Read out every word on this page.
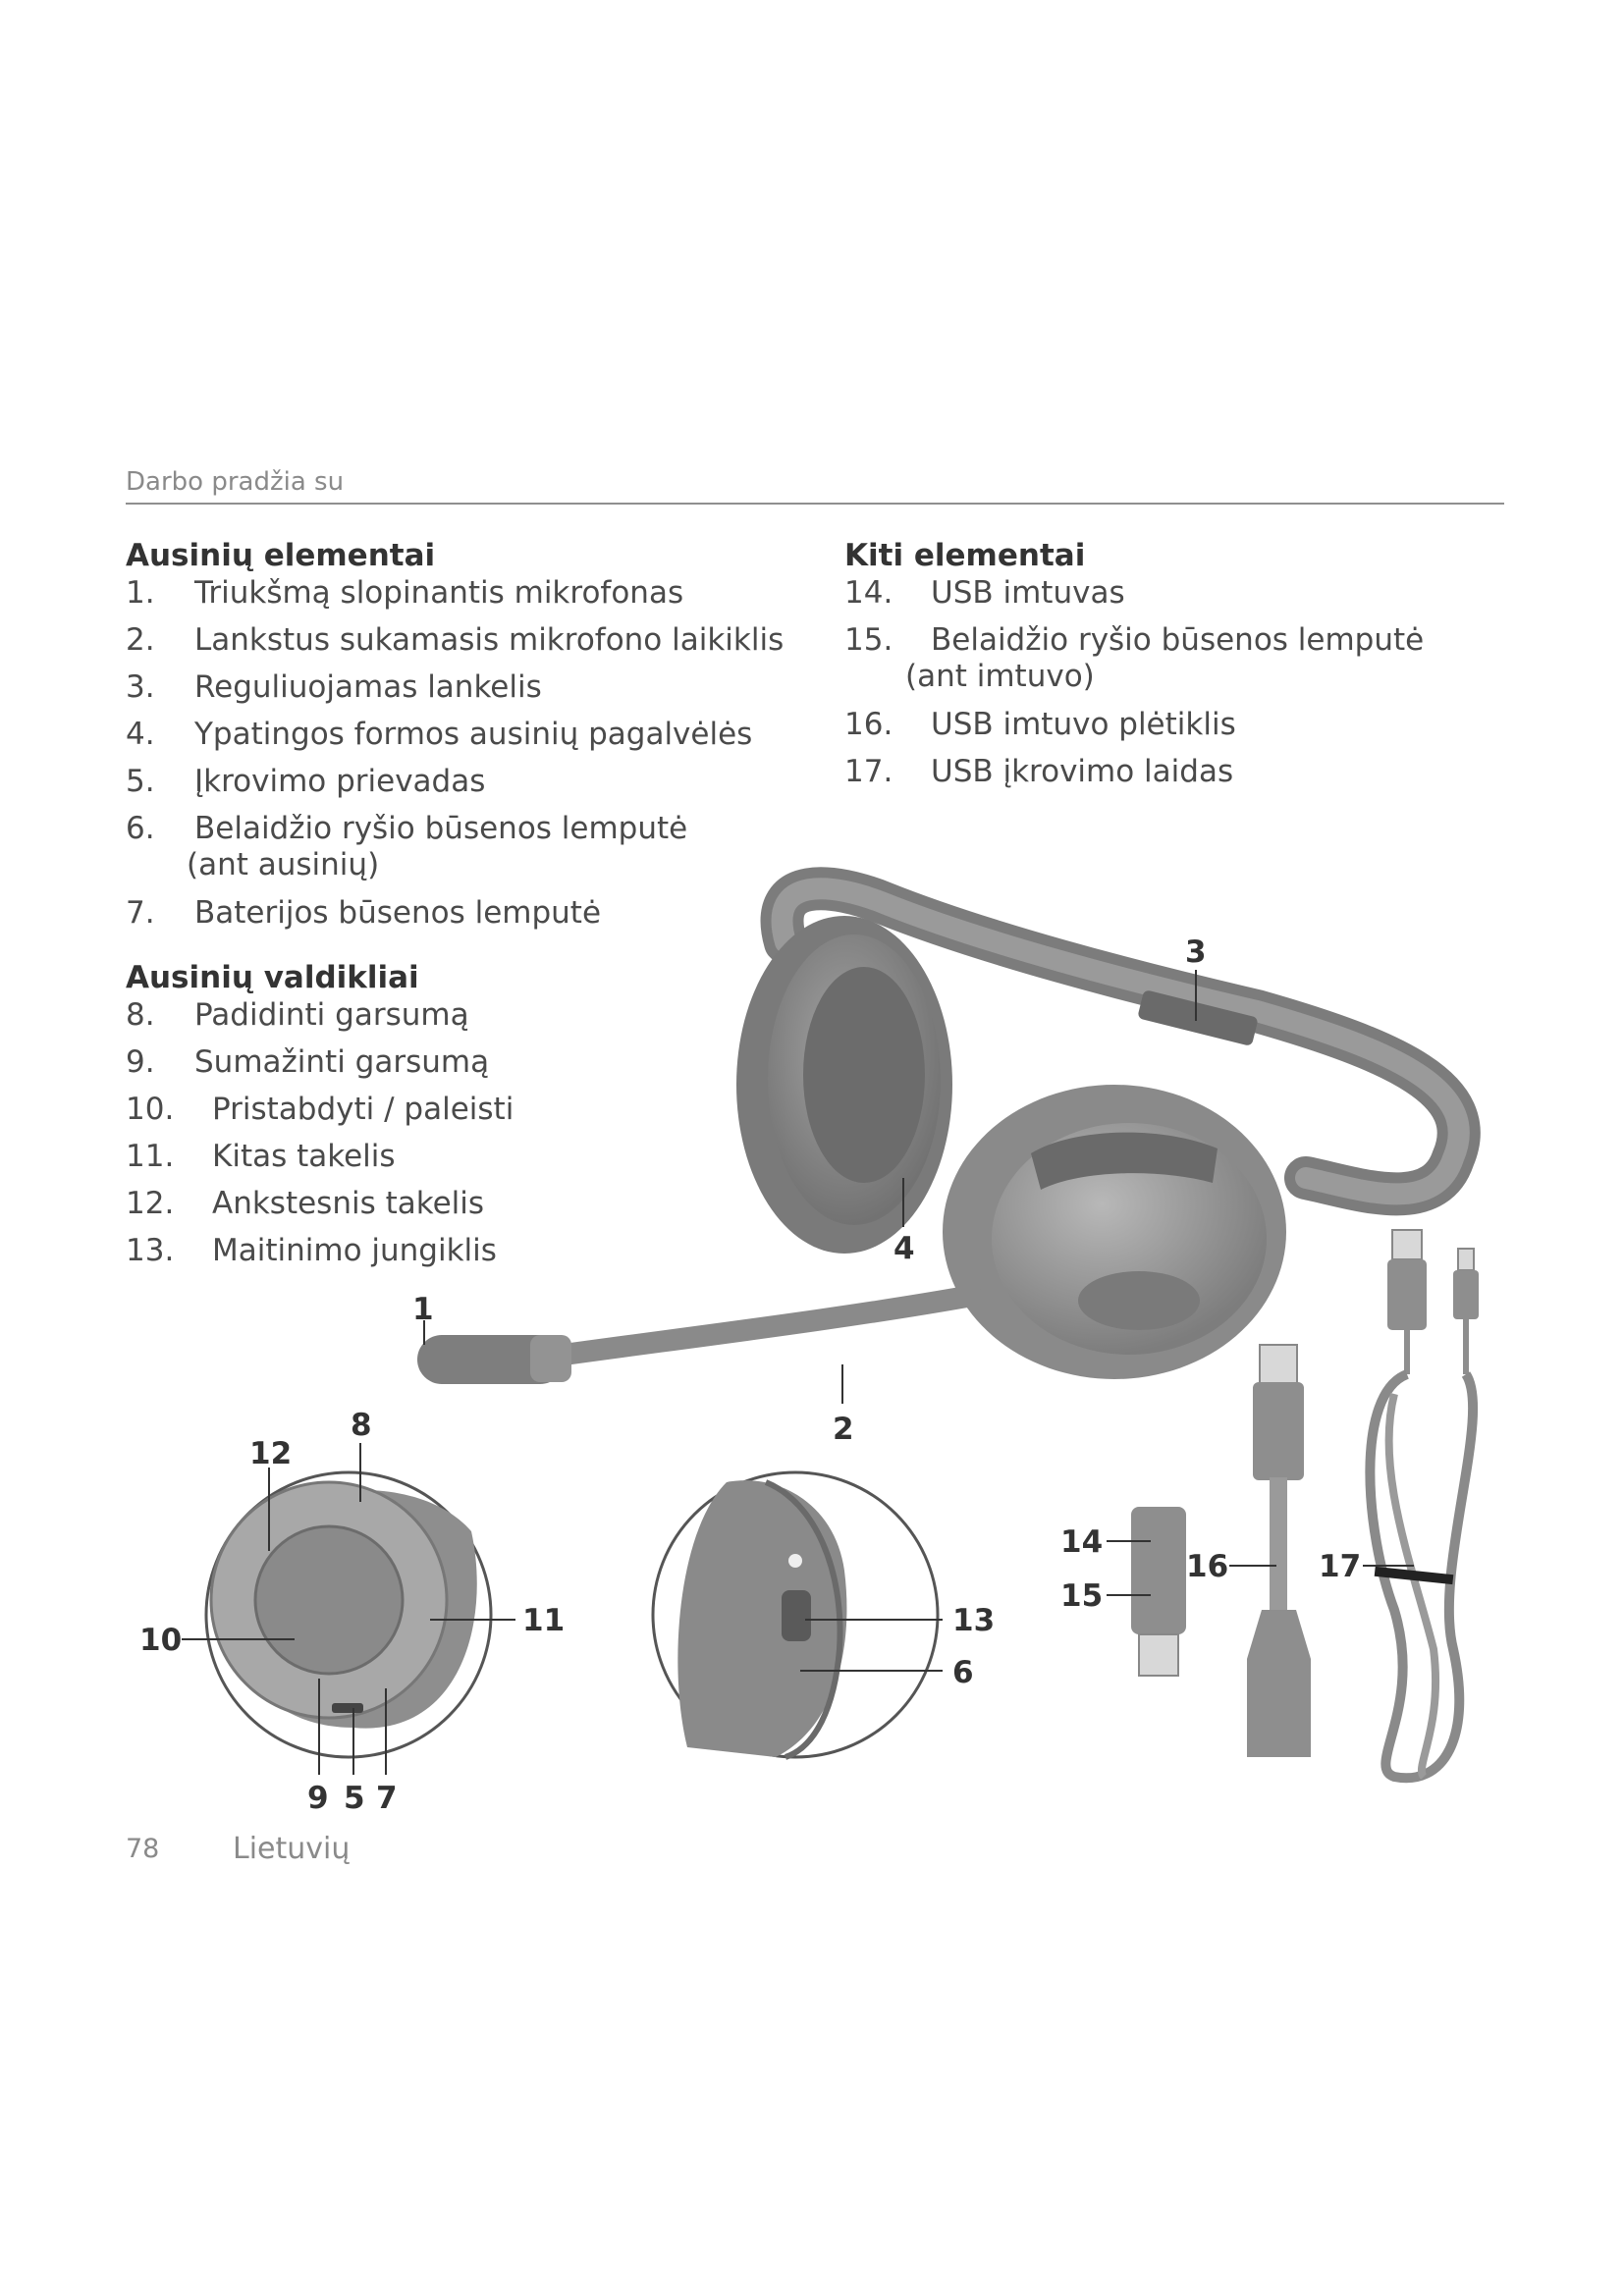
Darbo pradžia su
Ausinių elementai
1. Triukšmą slopinantis mikrofonas
2. Lankstus sukamasis mikrofono laikiklis
3. Reguliuojamas lankelis
4. Ypatingos formos ausinių pagalvėlės
5. Įkrovimo prievadas
6. Belaidžio ryšio būsenos lemputė
(ant ausinių)
7. Baterijos būsenos lemputė
Ausinių valdikliai
8. Padidinti garsumą
9. Sumažinti garsumą
10. Pristabdyti / paleisti
11. Kitas takelis
12. Ankstesnis takelis
13. Maitinimo jungiklis
Kiti elementai
14. USB imtuvas
15. Belaidžio ryšio būsenos lemputė
(ant imtuvo)
16. USB imtuvo plėtiklis
17. USB įkrovimo laidas
1
2
3
4
5
6
7
8
9
10
11
12
13
14
15
16	17
78 Lietuvių
